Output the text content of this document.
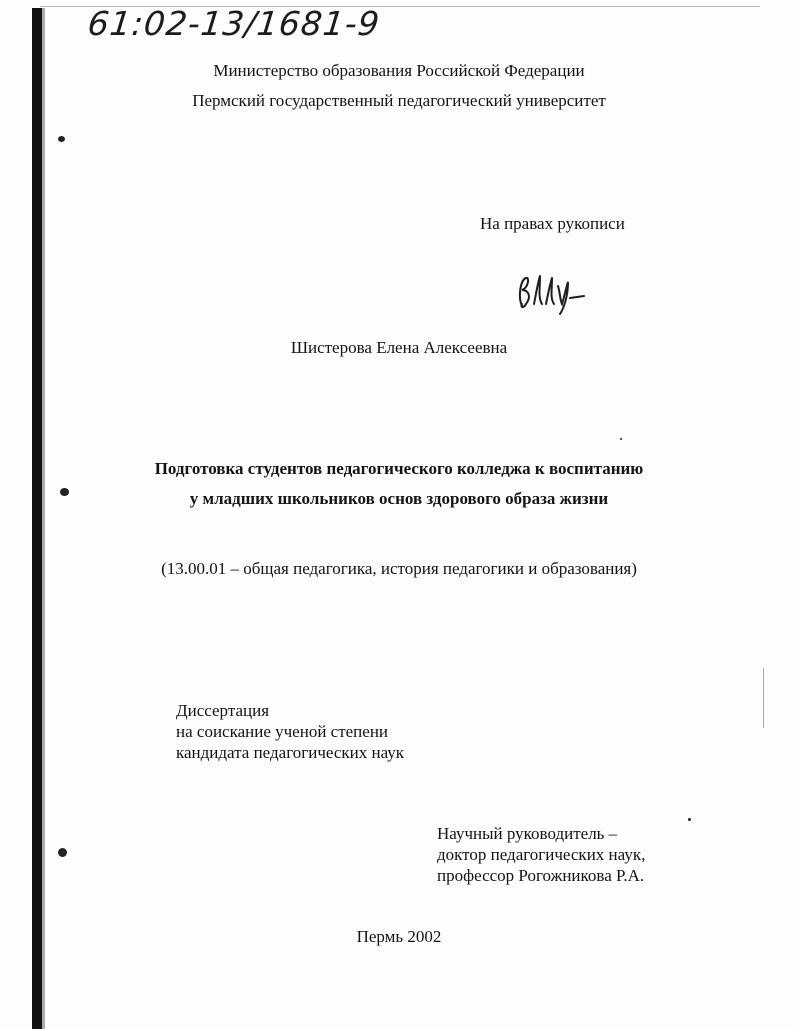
61:02-13/1681-9
Министерство образования Российской Федерации
Пермский государственный педагогический университет
На правах рукописи
Шистерова Елена Алексеевна
Подготовка студентов педагогического колледжа к воспитанию
у младших школьников основ здорового образа жизни
(13.00.01 – общая педагогика, история педагогики и образования)
Диссертация
на соискание ученой степени
кандидата педагогических наук
Научный руководитель –
доктор педагогических наук,
профессор Рогожникова Р.А.
Пермь 2002
